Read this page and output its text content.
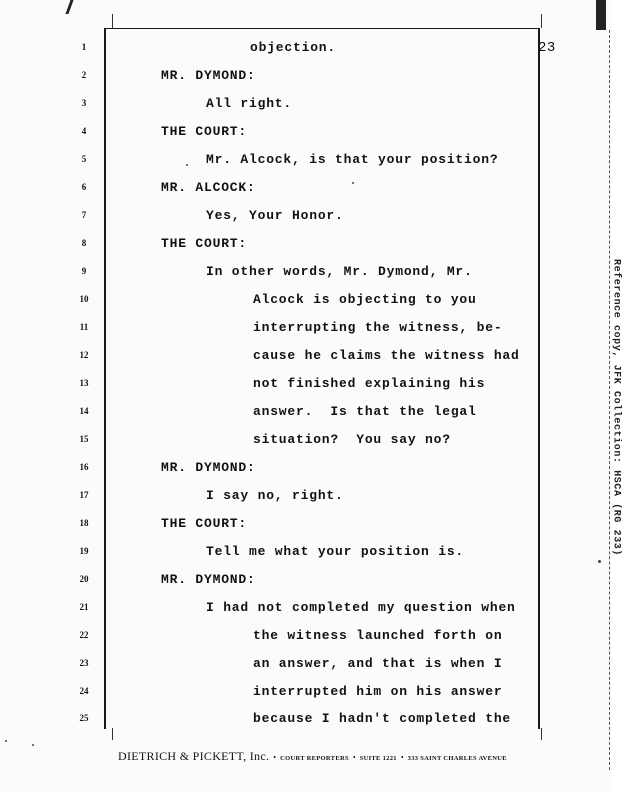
23
1
2
3
4
5
6
7
8
9
10
11
12
13
14
15
16
17
18
19
20
21
22
23
24
25
objection.
MR. DYMOND:
All right.
THE COURT:
Mr. Alcock, is that your position?
MR. ALCOCK:
Yes, Your Honor.
THE COURT:
In other words, Mr. Dymond, Mr.
Alcock is objecting to you
interrupting the witness, be-
cause he claims the witness had
not finished explaining his
answer.  Is that the legal
situation?  You say no?
MR. DYMOND:
I say no, right.
THE COURT:
Tell me what your position is.
MR. DYMOND:
I had not completed my question when
the witness launched forth on
an answer, and that is when I
interrupted him on his answer
because I hadn't completed the
Reference copy, JFK Collection: HSCA (RG 233)
DIETRICH & PICKETT, Inc. • COURT REPORTERS • SUITE 1221 • 333 SAINT CHARLES AVENUE
